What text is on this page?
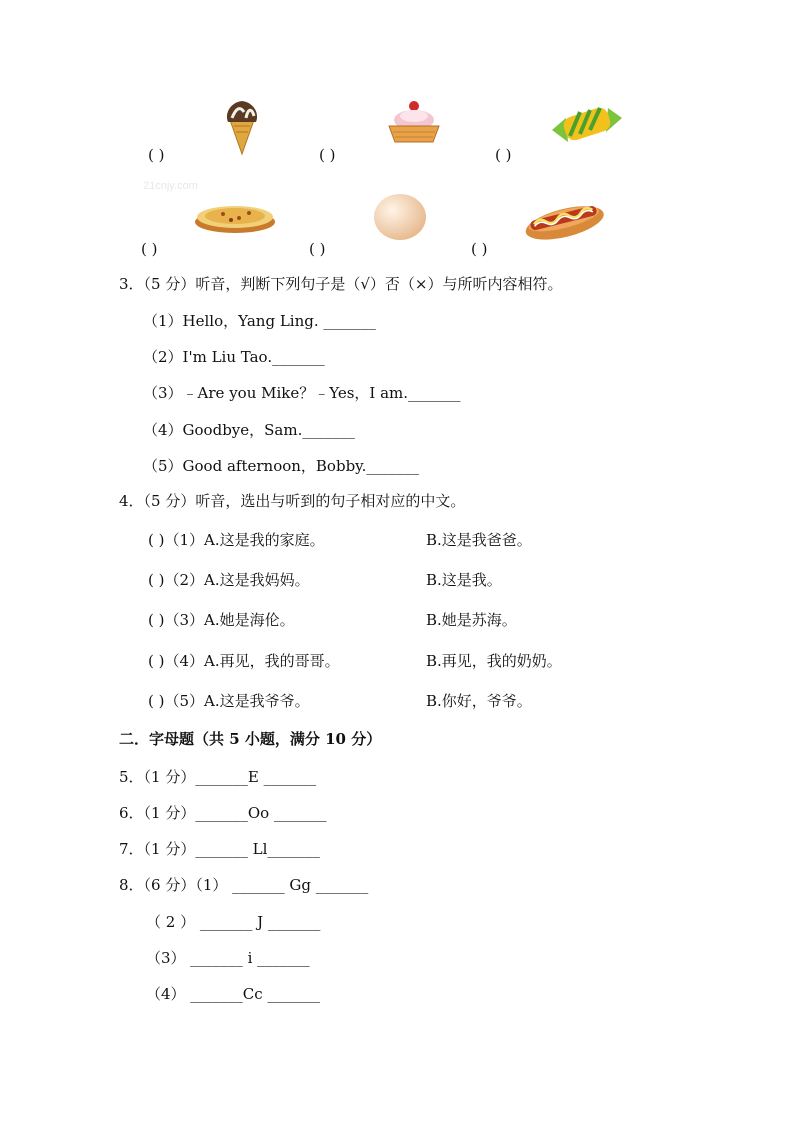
( )	( )	( )
21cnjy.com
( )	( )	( )
3．（5 分）听音，判断下列句子是（√）否（×）与所听内容相符。
（1）Hello，Yang Ling. _______
（2）I'm Liu Tao._______
（3）﹣Are you Mike？﹣Yes，I am._______
（4）Goodbye，Sam._______
（5）Good afternoon，Bobby._______
4．（5 分）听音，选出与听到的句子相对应的中文。
( )（1）A.这是我的家庭。	B.这是我爸爸。
( )（2）A.这是我妈妈。	B.这是我。
( )（3）A.她是海伦。	B.她是苏海。
( )（4）A.再见，我的哥哥。	B.再见，我的奶奶。
( )（5）A.这是我爷爷。	B.你好，爷爷。
二．字母题（共 5 小题，满分 10 分）
5．（1 分）_______E _______
6．（1 分）_______Oo _______
7．（1 分）_______ Ll_______
8．（6 分）（1） _______ Gg _______
（ 2 ） _______ J _______
（3） _______ i _______
（4） _______Cc _______
